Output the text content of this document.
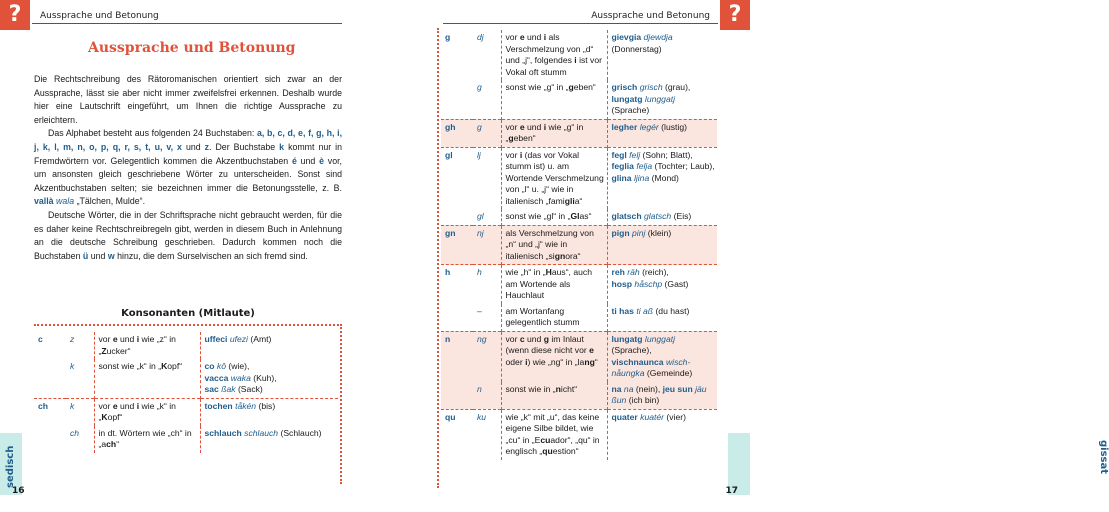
?	Aussprache und Betonung
Aussprache und Betonung

Die Rechtschreibung des Rätoromanischen orientiert sich zwar an der Aussprache, lässt sie aber nicht immer zweifelsfrei erkennen. Deshalb wurde hier eine Lautschrift eingeführt, um Ihnen die richtige Aussprache zu erleichtern.

Das Alphabet besteht aus folgenden 24 Buchstaben: a, b, c, d, e, f, g, h, i, j, k, l, m, n, o, p, q, r, s, t, u, v, x und z. Der Buchstabe k kommt nur in Fremdwörtern vor. Gelegentlich kommen die Akzentbuchstaben é und è vor, um ansonsten gleich geschriebene Wörter zu unterscheiden. Sonst sind Akzentbuchstaben selten; sie bezeichnen immer die Betonungsstelle, z. B. vallà wala „Tälchen, Mulde“.

Deutsche Wörter, die in der Schriftsprache nicht gebraucht werden, für die es daher keine Rechtschreibregeln gibt, werden in diesem Buch in Anlehnung an die deutsche Schreibung geschrieben. Dadurch kommen noch die Buchstaben ü und w hinzu, die dem Surselvischen an sich fremd sind.

Konsonanten (Mitlaute)
c	z	vor e und i wie „z“ in „Zucker“	uffeci ufezi (Amt)
	k	sonst wie „k“ in „Kopf“	co kô (wie),
vacca waka (Kuh),
sac ßak (Sack)
ch	k	vor e und i wie „k“ in „Kopf“	tochen tåkén (bis)
	ch	in dt. Wörtern wie „ch“ in „ach“	schlauch schlauch (Schlauch)
sedisch
16
?
Aussprache und Betonung
g	dj	vor e und i als Verschmelzung von „d“ und „j“, folgendes i ist vor Vokal oft stumm	gievgia djewdja (Donnerstag)
	g	sonst wie „g“ in „geben“	grisch grisch (grau),
lungatg lunggatj (Sprache)
gh	g	vor e und i wie „g“ in „geben“	legher legér (lustig)
gl	lj	vor i (das vor Vokal stumm ist) u. am Wortende Verschmelzung von „l“ u. „j“ wie in italienisch „famiglia“	fegl felj (Sohn; Blatt),
feglia felja (Tochter; Laub),
glina ljina (Mond)
	gl	sonst wie „gl“ in „Glas“	glatsch glatsch (Eis)
gn	nj	als Verschmelzung von „n“ und „j“ wie in italienisch „signora“	pign pinj (klein)
h	h	wie „h“ in „Haus“, auch am Wortende als Hauchlaut	reh räh (reich),
hosp håschp (Gast)
	–	am Wortanfang gelegentlich stumm	ti has ti aß (du hast)
n	ng	vor c und g im Inlaut (wenn diese nicht vor e oder i) wie „ng“ in „lang“	lungatg lunggatj (Sprache),
vischnaunca wisch-nåungka (Gemeinde)
	n	sonst wie in „nicht“	na na (nein), jeu sun jäu ßun (ich bin)
qu	ku	wie „k“ mit „u“, das keine eigene Silbe bildet, wie „cu“ in „Ecuador“, „qu“ in englisch „question“	quater kuatér (vier)
gissat
17
